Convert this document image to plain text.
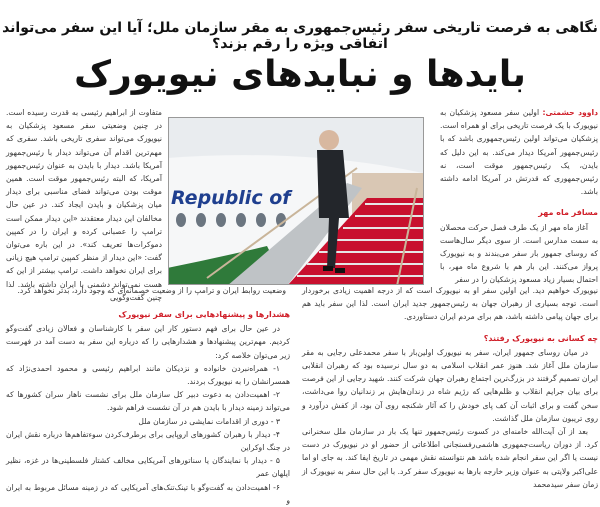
نگاهی به فرصت تاریخی سفر رئیس‌جمهوری به مقر سازمان ملل؛ آیا این سفر می‌تواند اتفاقی ویژه را رقم بزند؟
بایدها و نبایدهای نیویورک

داوود حشمتی: اولین سفر مسعود پزشکیان به نیویورک با یک فرصت تاریخی برای او همراه است. پزشکیان می‌تواند اولین رئیس‌جمهوری باشد که با رئیس‌جمهور آمریکا دیدار می‌کند. به این دلیل که بایدن، یک رئیس‌جمهور موقت است، نه رئیس‌جمهوری که قدرتش در آمریکا ادامه داشته باشد.

مسافر ماه مهر

آغاز ماه مهر از یک طرف فصل حرکت محصلان به سمت مدارس است. از سوی دیگر سال‌هاست که روسای جمهور بار سفر می‌بندند و به نیویورک پرواز می‌کنند. این بار هم با شروع ماه مهر، با احتمال بسیار زیاد مسعود پزشکیان را در سفر

Republic of

نیویورک خواهیم دید. این اولین سفر او به نیویورک است که از درجه اهمیت زیادی برخوردار است. توجه بسیاری از رهبران جهان به رئیس‌جمهور جدید ایران است. لذا این سفر باید هم برای جهان پیامی داشته باشد، هم برای مردم ایران دستاوردی.

چه کسانی به نیویورک رفتند؟

در میان روسای جمهور ایران، سفر به نیویورک اولین‌بار با سفر محمدعلی رجایی به مقر سازمان ملل آغاز شد. هنوز عمر انقلاب اسلامی به دو سال نرسیده بود که رهبران انقلابی ایران تصمیم گرفتند در بزرگ‌ترین اجتماع رهبران جهان شرکت کنند. شهید رجایی از این فرصت برای بیان جرایم انقلاب و ظلم‌هایی که رژیم شاه در زندان‌هایش بر زندانیان روا می‌داشت، سخن گفت و برای اثبات آن کف پای خودش را که آثار شکنجه روی آن بود، از کفش درآورد و روی تریبون سازمان ملل گذاشت.

بعد از آن آیت‌الله خامنه‌ای در کسوت رئیس‌جمهور تنها یک بار در سازمان ملل سخنرانی کرد. از دوران ریاست‌جمهوری هاشمی‌رفسنجانی اطلاعاتی از حضور او در نیویورک در دست نیست یا اگر این سفر انجام شده باشد هم نتوانسته نقش مهمی در تاریخ ایفا کند. به جای او اما علی‌اکبر ولایتی به عنوان وزیر خارجه بارها به نیویورک سفر کرد. با این حال سفر به نیویورک از زمان سفر سیدمحمد

متفاوت از ابراهیم رئیسی به قدرت رسیده است. در چنین وضعیتی سفر مسعود پزشکیان به نیویورک می‌تواند سفری تاریخی باشد. سفری که مهم‌ترین اقدام آن می‌تواند دیدار با رئیس‌جمهور آمریکا باشد. دیدار با بایدن به عنوان رئیس‌جمهور آمریکا، که البته رئیس‌جمهور موقت است. همین موقت بودن می‌تواند فضای مناسبی برای دیدار میان پزشکیان و بایدن ایجاد کند. در عین حال مخالفان این دیدار معتقدند «این دیدار ممکن است ترامپ را عصبانی کرده و ایران را در کمپین دموکرات‌ها تعریف کند». در این باره می‌توان گفت: «این دیدار از منظر کمپین ترامپ هیچ زیانی برای ایران نخواهد داشت. ترامپ بیشتر از این که هست نمی‌تواند دشمنی با ایران داشته باشد. لذا چنین گفت‌وگویی

وضعیت روابط ایران و ترامپ را از وضعیت خصمانه‌ای که وجود دارد، بدتر نخواهد کرد.

هشدارها و پیشنهادهایی برای سفر نیویورک

در عین حال برای فهم دستور کار این سفر با کارشناسان و فعالان زیادی گفت‌وگو کردیم. مهم‌ترین پیشنهادها و هشدارهایی را که درباره این سفر به دست آمد در فهرست زیر می‌توان خلاصه کرد:

۱- همراه‌نبردن خانواده و نزدیکان مانند ابراهیم رئیسی و محمود احمدی‌نژاد که همسرانشان را به نیویورک بردند.

۲- اهمیت‌دادن به دعوت دبیر کل سازمان ملل برای نشست ناهار سران کشورها که می‌تواند زمینه دیدار با بایدن هم در آن نشست فراهم شود.

۳ - دوری از اقدامات نمایشی در سازمان ملل

۴- دیدار با رهبران کشورهای اروپایی برای برطرف‌کردن سوءتفاهم‌ها درباره نقش ایران در جنگ اوکراین

۵ - دیدار با نمایندگان یا سناتورهای آمریکایی مخالف کشتار فلسطینی‌ها در غزه، نظیر ایلهان عمر

۶- اهمیت‌دادن به گفت‌وگو با تینک‌تنک‌های آمریکایی که در زمینه مسائل مربوط به ایران و
